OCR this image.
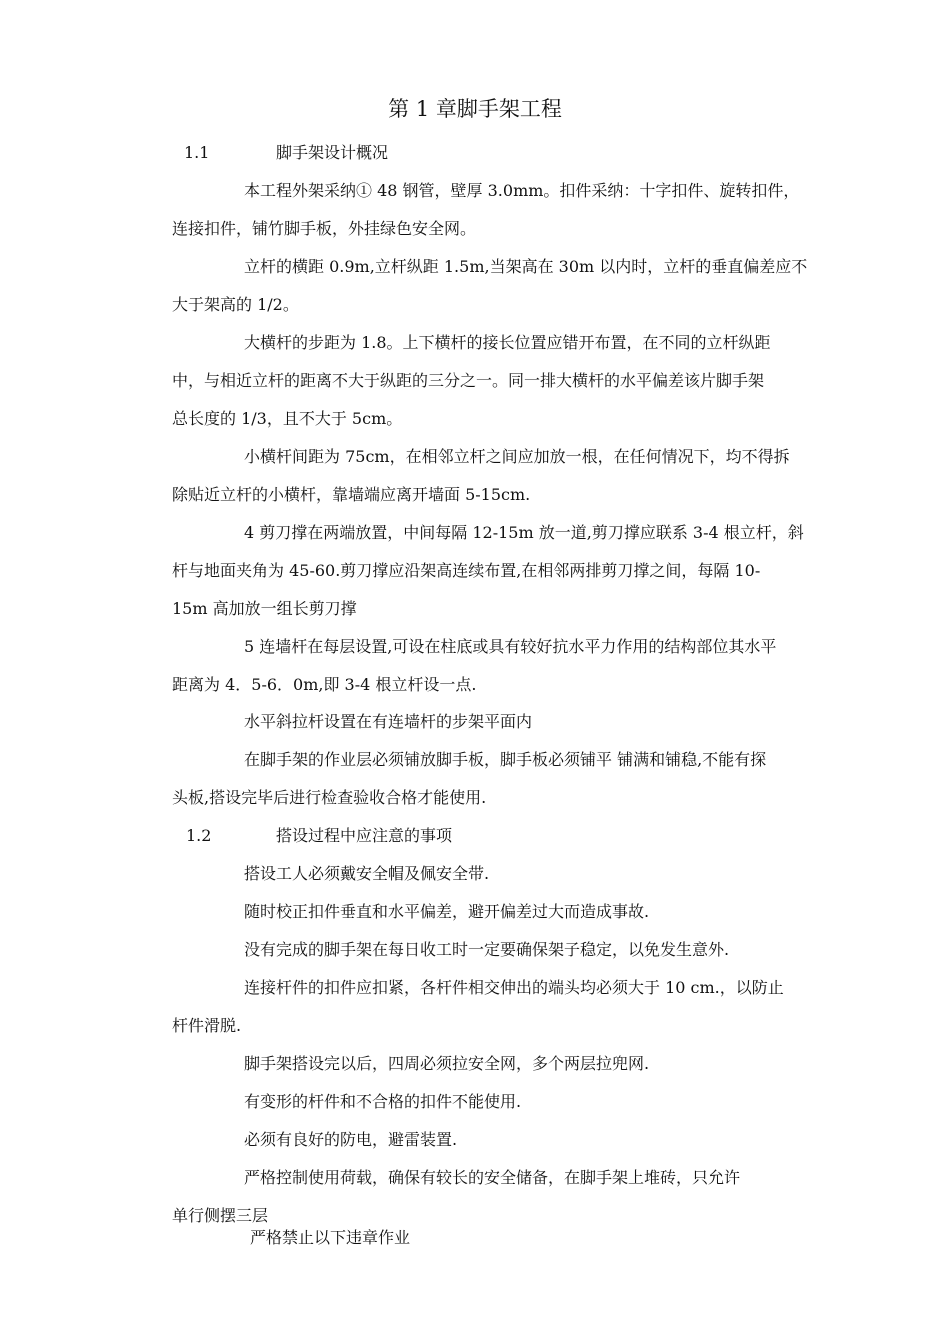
第 1 章脚手架工程
1.1	脚手架设计概况
本工程外架采纳① 48 钢管，壁厚 3.0mm。扣件采纳：十字扣件、旋转扣件，
连接扣件，铺竹脚手板，外挂绿色安全网。
立杆的横距 0.9m,立杆纵距 1.5m,当架高在 30m 以内时，立杆的垂直偏差应不
大于架高的 1/2。
大横杆的步距为 1.8。上下横杆的接长位置应错开布置，在不同的立杆纵距
中，与相近立杆的距离不大于纵距的三分之一。同一排大横杆的水平偏差该片脚手架
总长度的 1/3，且不大于 5cm。
小横杆间距为 75cm，在相邻立杆之间应加放一根，在任何情况下，均不得拆
除贴近立杆的小横杆，靠墙端应离开墙面 5-15cm.
4 剪刀撑在两端放置，中间每隔 12-15m 放一道,剪刀撑应联系 3-4 根立杆，斜
杆与地面夹角为 45-60.剪刀撑应沿架高连续布置,在相邻两排剪刀撑之间，每隔 10-
15m 高加放一组长剪刀撑
5 连墙杆在每层设置,可设在柱底或具有较好抗水平力作用的结构部位其水平
距离为 4．5-6．0m,即 3-4 根立杆设一点.
水平斜拉杆设置在有连墙杆的步架平面内
在脚手架的作业层必须铺放脚手板，脚手板必须铺平 铺满和铺稳,不能有探
头板,搭设完毕后进行检查验收合格才能使用.
1.2	搭设过程中应注意的事项
搭设工人必须戴安全帽及佩安全带.
随时校正扣件垂直和水平偏差，避开偏差过大而造成事故.
没有完成的脚手架在每日收工时一定要确保架子稳定，以免发生意外.
连接杆件的扣件应扣紧，各杆件相交伸出的端头均必须大于 10 cm.，以防止
杆件滑脱.
脚手架搭设完以后，四周必须拉安全网，多个两层拉兜网.
有变形的杆件和不合格的扣件不能使用.
必须有良好的防电，避雷装置.
严格控制使用荷载，确保有较长的安全储备，在脚手架上堆砖，只允许
单行侧摆三层
严格禁止以下违章作业
